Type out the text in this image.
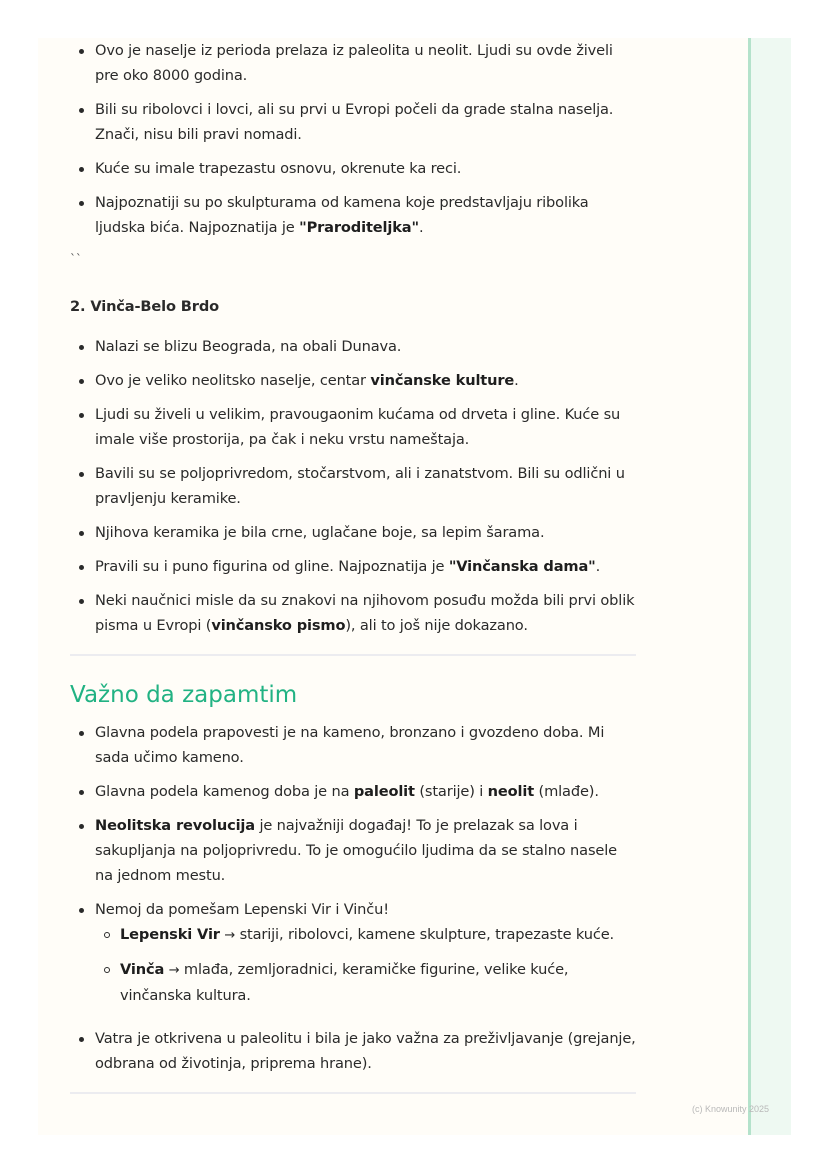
Ovo je naselje iz perioda prelaza iz paleolita u neolit. Ljudi su ovde živeli pre oko 8000 godina.
Bili su ribolovci i lovci, ali su prvi u Evropi počeli da grade stalna naselja. Znači, nisu bili pravi nomadi.
Kuće su imale trapezastu osnovu, okrenute ka reci.
Najpoznatiji su po skulpturama od kamena koje predstavljaju ribolika ljudska bića. Najpoznatija je "Praroditeljka".
``
2. Vinča-Belo Brdo
Nalazi se blizu Beograda, na obali Dunava.
Ovo je veliko neolitsko naselje, centar vinčanske kulture.
Ljudi su živeli u velikim, pravougaonim kućama od drveta i gline. Kuće su imale više prostorija, pa čak i neku vrstu nameštaja.
Bavili su se poljoprivredom, stočarstvom, ali i zanatstvom. Bili su odlični u pravljenju keramike.
Njihova keramika je bila crne, uglačane boje, sa lepim šarama.
Pravili su i puno figurina od gline. Najpoznatija je "Vinčanska dama".
Neki naučnici misle da su znakovi na njihovom posuđu možda bili prvi oblik pisma u Evropi (vinčansko pismo), ali to još nije dokazano.
Važno da zapamtim
Glavna podela prapovesti je na kameno, bronzano i gvozdeno doba. Mi sada učimo kameno.
Glavna podela kamenog doba je na paleolit (starije) i neolit (mlađe).
Neolitska revolucija je najvažniji događaj! To je prelazak sa lova i sakupljanja na poljoprivredu. To je omogućilo ljudima da se stalno nasele na jednom mestu.
Nemoj da pomešam Lepenski Vir i Vinču!
Lepenski Vir → stariji, ribolovci, kamene skulpture, trapezaste kuće.
Vinča → mlađa, zemljoradnici, keramičke figurine, velike kuće, vinčanska kultura.
Vatra je otkrivena u paleolitu i bila je jako važna za preživljavanje (grejanje, odbrana od životinja, priprema hrane).
(c) Knowunity 2025
